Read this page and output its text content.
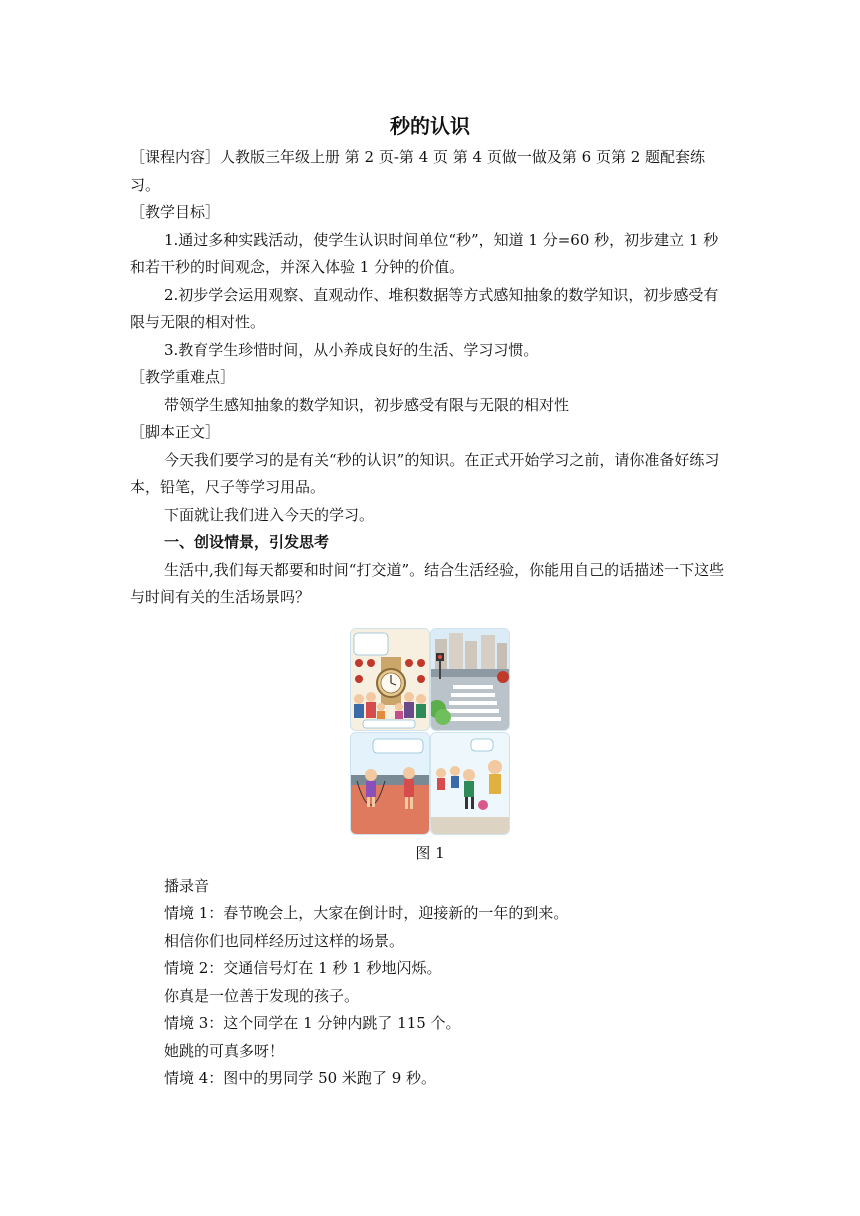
秒的认识

［课程内容］人教版三年级上册 第 2 页-第 4 页 第 4 页做一做及第 6 页第 2 题配套练习。

［教学目标］

1.通过多种实践活动，使学生认识时间单位“秒”，知道 1 分=60 秒，初步建立 1 秒和若干秒的时间观念，并深入体验 1 分钟的价值。

2.初步学会运用观察、直观动作、堆积数据等方式感知抽象的数学知识，初步感受有限与无限的相对性。

3.教育学生珍惜时间，从小养成良好的生活、学习习惯。

［教学重难点］

带领学生感知抽象的数学知识，初步感受有限与无限的相对性

［脚本正文］

今天我们要学习的是有关“秒的认识”的知识。在正式开始学习之前，请你准备好练习本，铅笔，尺子等学习用品。

下面就让我们进入今天的学习。

一、创设情景，引发思考

生活中,我们每天都要和时间“打交道”。结合生活经验，你能用自己的话描述一下这些与时间有关的生活场景吗？

图 1

播录音

情境 1：春节晚会上，大家在倒计时，迎接新的一年的到来。

相信你们也同样经历过这样的场景。

情境 2：交通信号灯在 1 秒 1 秒地闪烁。

你真是一位善于发现的孩子。

情境 3：这个同学在 1 分钟内跳了 115 个。

她跳的可真多呀！

情境 4：图中的男同学 50 米跑了 9 秒。
